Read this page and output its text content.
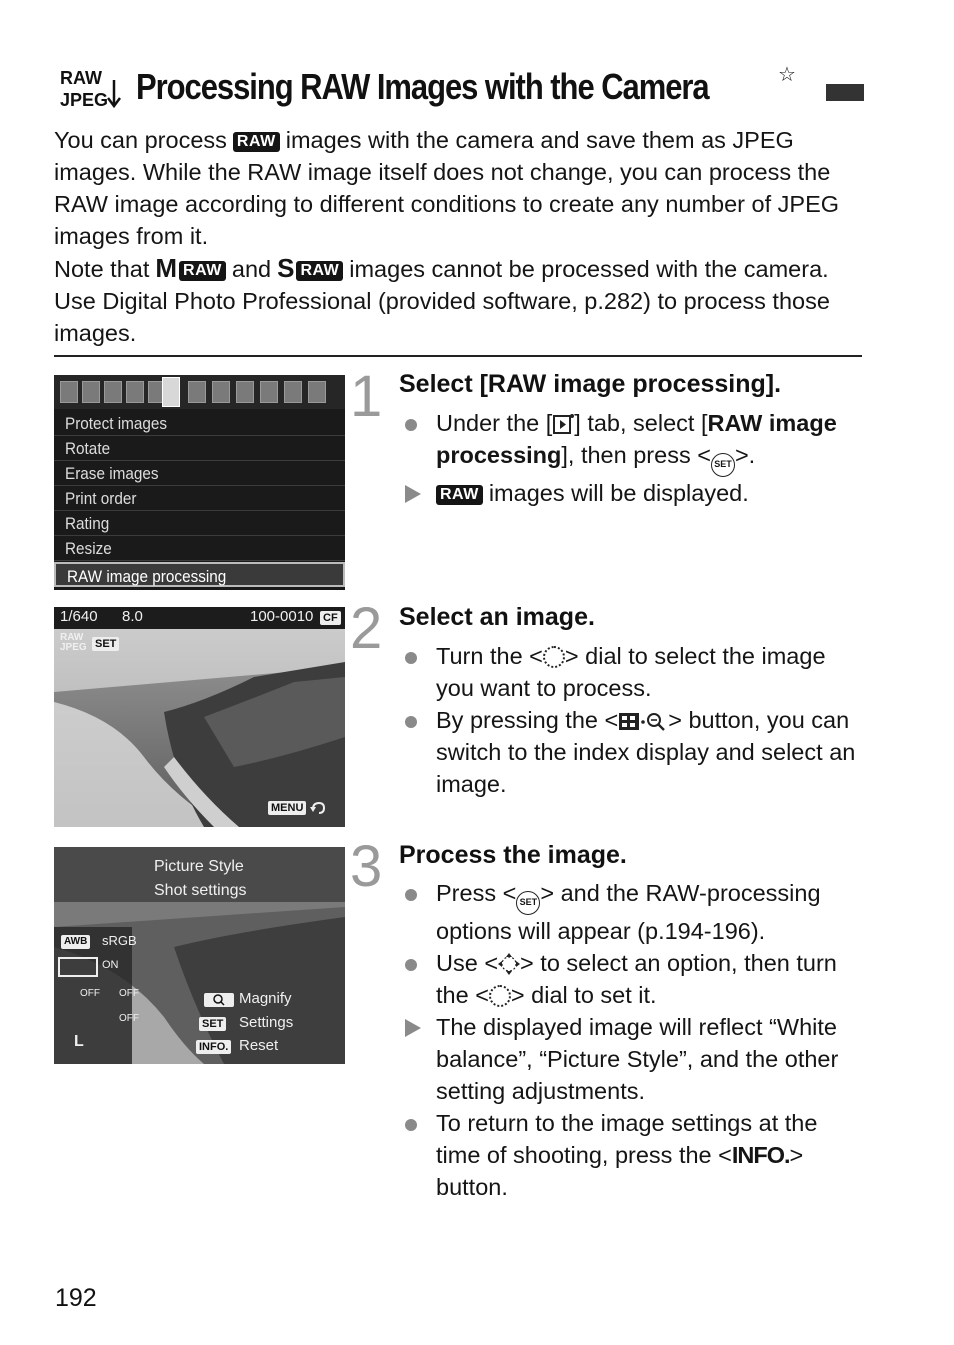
RAW
JPEG Processing RAW Images with the Camera	☆

You can process RAW images with the camera and save them as JPEG images. While the RAW image itself does not change, you can process the RAW image according to different conditions to create any number of JPEG images from it.

Note that M RAW and S RAW images cannot be processed with the camera. Use Digital Photo Professional (provided software, p.282) to process those images.

Protect images
Rotate
Erase images
Print order
Rating
Resize
RAW image processing
1/640 8.0	100-0010 CF
RAW
JPEG SET
MENU
Picture Style
Shot settings
AWB sRGB
ON
OFF OFF
OFF
L
Magnify
SET Settings
INFO. Reset
1 Select [RAW image processing].
Under the [ ] tab, select [RAW image processing], then press < SET >.
RAW images will be displayed.
2 Select an image.
Turn the < > dial to select the image you want to process.
By pressing the < > button, you can switch to the index display and select an image.
3 Process the image.
Press < SET > and the RAW-processing options will appear (p.194-196).
Use < > to select an option, then turn the < > dial to set it.
The displayed image will reflect “White balance”, “Picture Style”, and the other setting adjustments.
To return to the image settings at the time of shooting, press the <INFO.> button.
192
